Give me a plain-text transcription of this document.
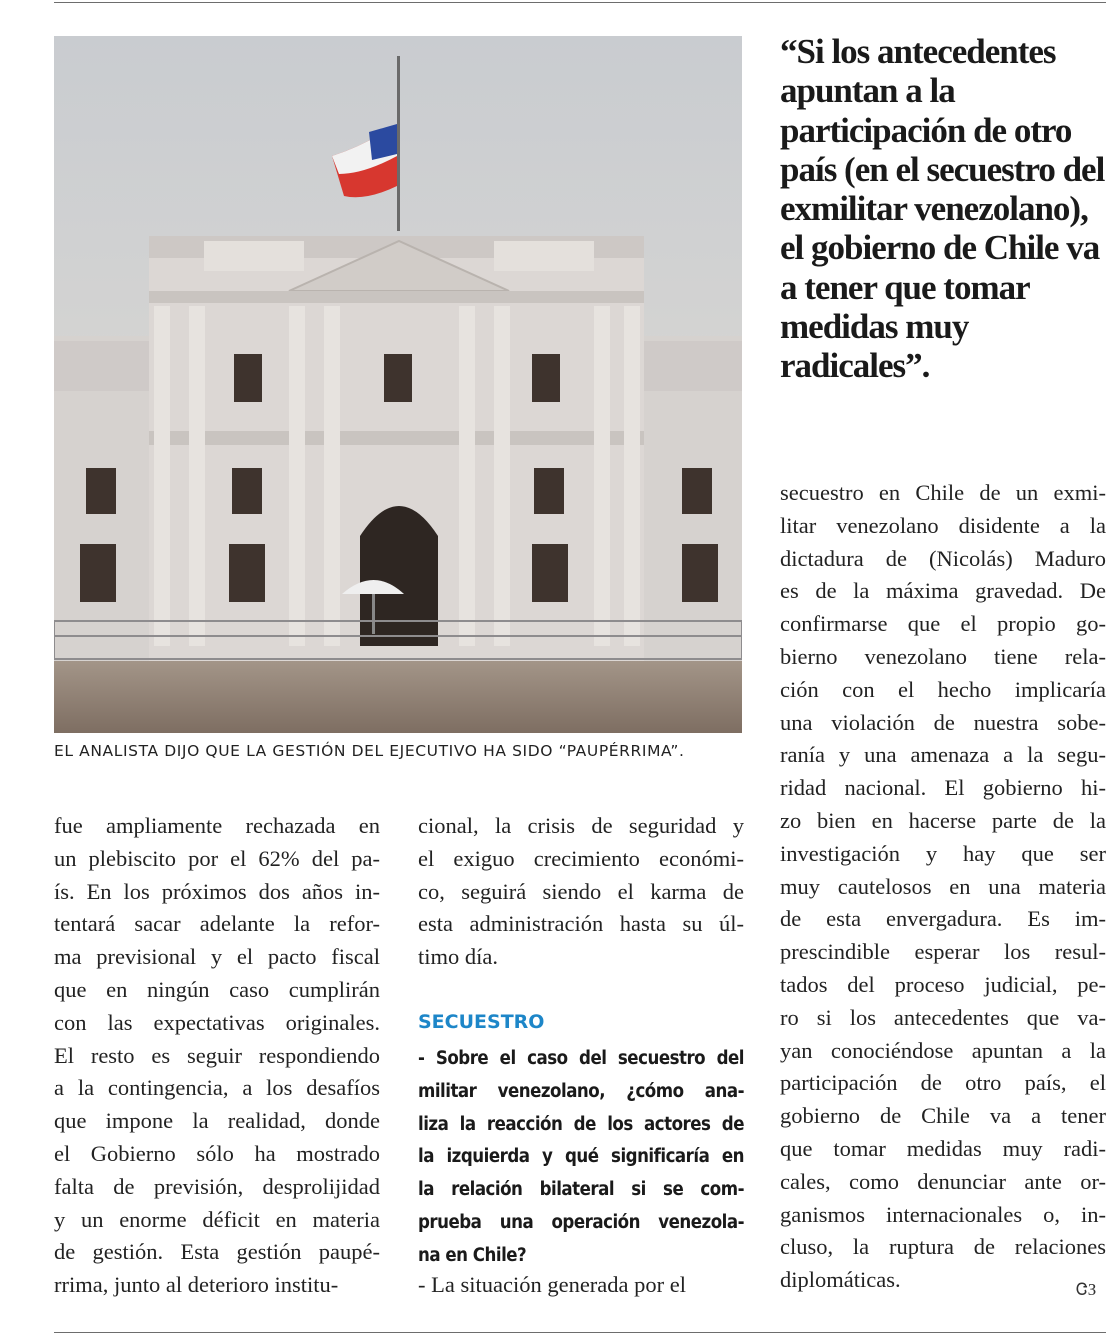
EL ANALISTA DIJO QUE LA GESTIÓN DEL EJECUTIVO HA SIDO “PAUPÉRRIMA”.
“Si los antecedentes apuntan a la participación de otro país (en el secuestro del exmilitar venezolano), el gobierno de Chile va a tener que tomar medidas muy radicales”.
fue ampliamente rechazada en
un plebiscito por el 62% del pa-
ís. En los próximos dos años in-
tentará sacar adelante la refor-
ma previsional y el pacto fiscal
que en ningún caso cumplirán
con las expectativas originales.
El resto es seguir respondiendo
a la contingencia, a los desafíos
que impone la realidad, donde
el Gobierno sólo ha mostrado
falta de previsión, desprolijidad
y un enorme déficit en materia
de gestión. Esta gestión paupé-
rrima, junto al deterioro institu-
cional, la crisis de seguridad y
el exiguo crecimiento económi-
co, seguirá siendo el karma de
esta administración hasta su úl-
timo día.
SECUESTRO
- Sobre el caso del secuestro del
militar venezolano, ¿cómo ana-
liza la reacción de los actores de
la izquierda y qué significaría en
la relación bilateral si se com-
prueba una operación venezola-
na en Chile?
- La situación generada por el
secuestro en Chile de un exmi-
litar venezolano disidente a la
dictadura de (Nicolás) Maduro
es de la máxima gravedad. De
confirmarse que el propio go-
bierno venezolano tiene rela-
ción con el hecho implicaría
una violación de nuestra sobe-
ranía y una amenaza a la segu-
ridad nacional. El gobierno hi-
zo bien en hacerse parte de la
investigación y hay que ser
muy cautelosos en una materia
de esta envergadura. Es im-
prescindible esperar los resul-
tados del proceso judicial, pe-
ro si los antecedentes que va-
yan conociéndose apuntan a la
participación de otro país, el
gobierno de Chile va a tener
que tomar medidas muy radi-
cales, como denunciar ante or-
ganismos internacionales o, in-
cluso, la ruptura de relaciones
diplomáticas.	ᏣЗ
